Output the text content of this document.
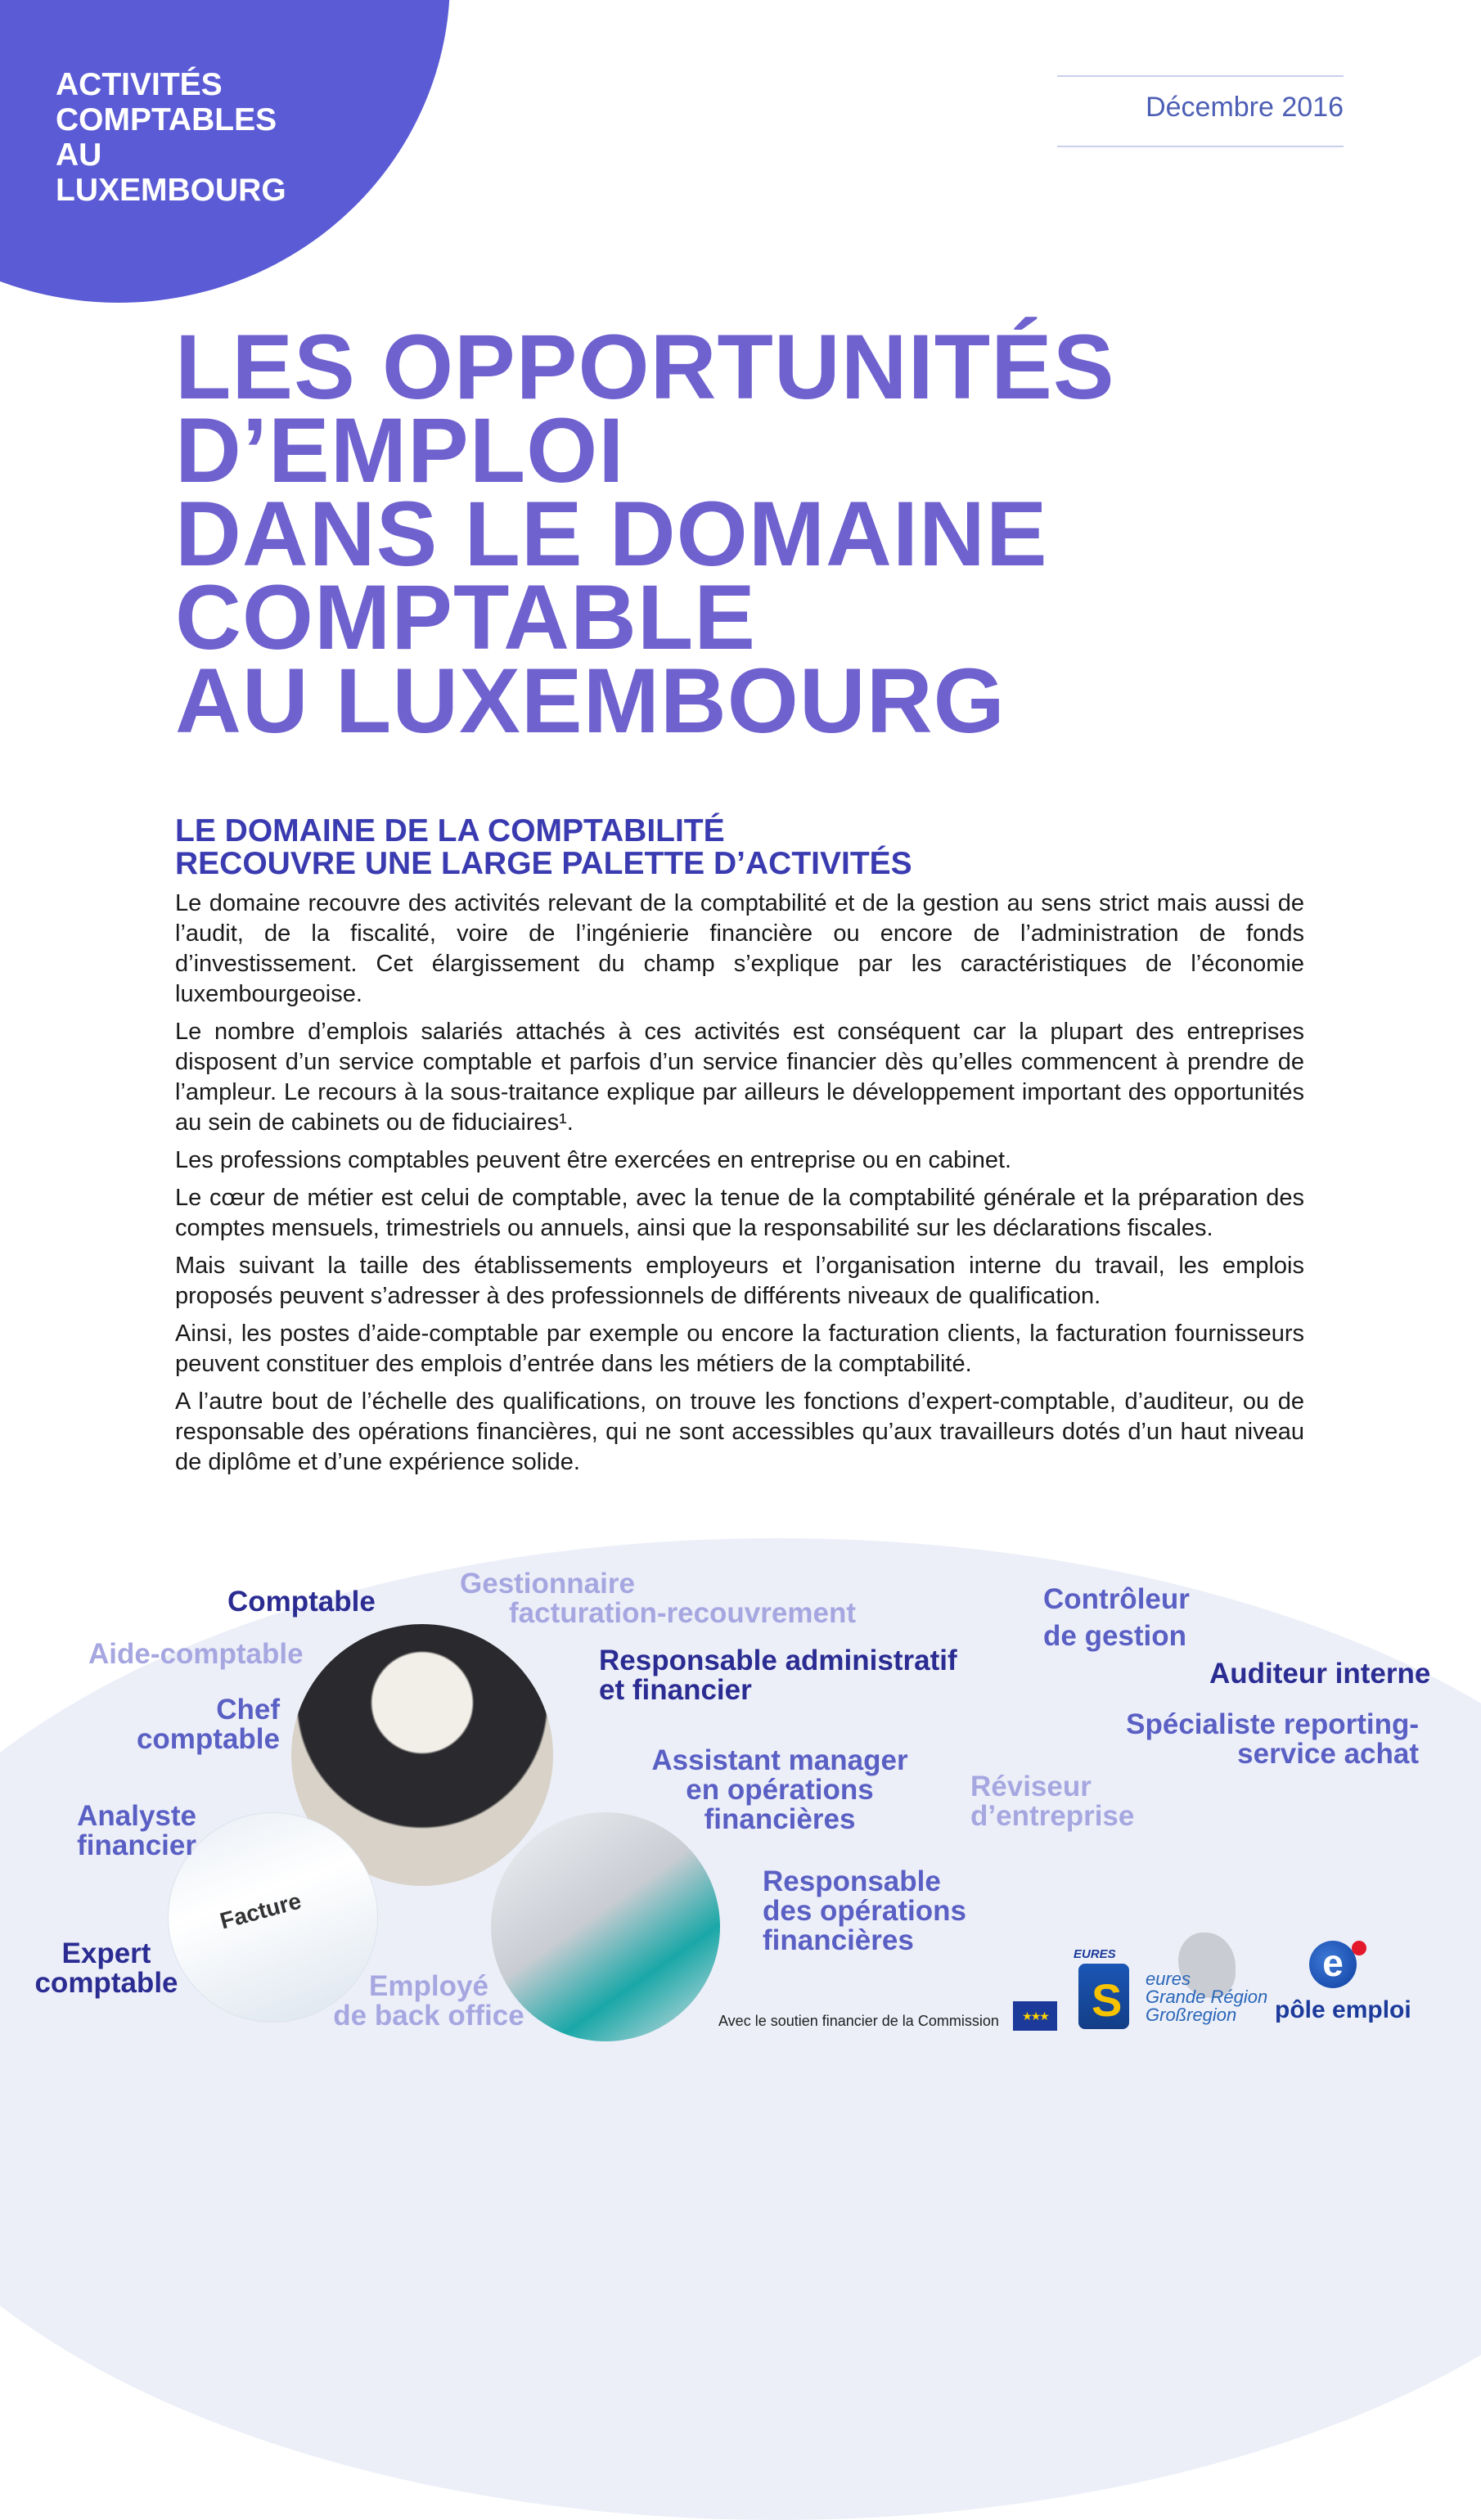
ACTIVITÉS
COMPTABLES
AU
LUXEMBOURG
Décembre 2016
LES OPPORTUNITÉS
D’EMPLOI
DANS LE DOMAINE
COMPTABLE
AU LUXEMBOURG
LE DOMAINE DE LA COMPTABILITÉ
RECOUVRE UNE LARGE PALETTE D’ACTIVITÉS

Le domaine recouvre des activités relevant de la comptabilité et de la gestion au sens strict mais aussi de l’audit, de la fiscalité, voire de l’ingénierie financière ou encore de l’administration de fonds d’investissement. Cet élargissement du champ s’explique par les caractéristiques de l’économie luxembourgeoise.

Le nombre d’emplois salariés attachés à ces activités est conséquent car la plupart des entreprises disposent d’un service comptable et parfois d’un service financier dès qu’elles commencent à prendre de l’ampleur. Le recours à la sous-traitance explique par ailleurs le développement important des opportunités au sein de cabinets ou de fiduciaires¹.

Les professions comptables peuvent être exercées en entreprise ou en cabinet.

Le cœur de métier est celui de comptable, avec la tenue de la comptabilité générale et la préparation des comptes mensuels, trimestriels ou annuels, ainsi que la responsabilité sur les déclarations fiscales.

Mais suivant la taille des établissements employeurs et l’organisation interne du travail, les emplois proposés peuvent s’adresser à des professionnels de différents niveaux de qualification.

Ainsi, les postes d’aide-comptable par exemple ou encore la facturation clients, la facturation fournisseurs peuvent constituer des emplois d’entrée dans les métiers de la comptabilité.

A l’autre bout de l’échelle des qualifications, on trouve les fonctions d’expert-comptable, d’auditeur, ou de responsable des opérations financières, qui ne sont accessibles qu’aux travailleurs dotés d’un haut niveau de diplôme et d’une expérience solide.

Facture
Comptable
Gestionnaire
facturation-recouvrement	Contrôleur
de gestion
Aide-comptable	Responsable administratif
et financier
Auditeur interne
Chef
comptable	Spécialiste reporting-
service achat
Assistant manager
en opérations
financières
Réviseur
d’entreprise
Analyste
financier
Responsable
des opérations
financières
Expert
comptable	Employé
de back office	Avec le soutien financier de la Commission	★★★
EURES
S eures
Grande Région
Großregion
e
pôle emploi
